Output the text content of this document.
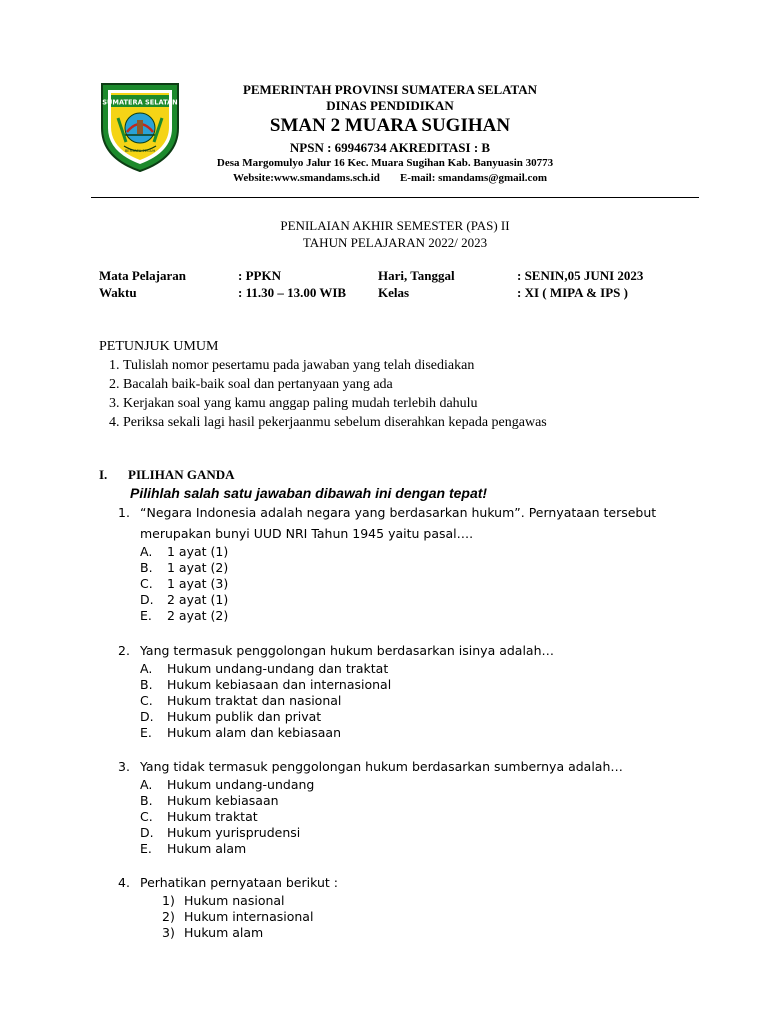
SUMATERA SELATAN
BERSATU TEGUH
PEMERINTAH PROVINSI SUMATERA SELATAN
DINAS PENDIDIKAN
SMAN 2 MUARA SUGIHAN
NPSN : 69946734 AKREDITASI : B
Desa Margomulyo Jalur 16 Kec. Muara Sugihan Kab. Banyuasin 30773
Website:www.smandams.sch.id E-mail: smandams@gmail.com
PENILAIAN AKHIR SEMESTER (PAS) II
TAHUN PELAJARAN 2022/ 2023
Mata Pelajaran
Waktu
: PPKN
: 11.30 – 13.00 WIB
Hari, Tanggal
Kelas
: SENIN,05 JUNI 2023
: XI ( MIPA & IPS )
PETUNJUK UMUM
1. Tulislah nomor pesertamu pada jawaban yang telah disediakan
2. Bacalah baik-baik soal dan pertanyaan yang ada
3. Kerjakan soal yang kamu anggap paling mudah terlebih dahulu
4. Periksa sekali lagi hasil pekerjaanmu sebelum diserahkan kepada pengawas
I. PILIHAN GANDA
Pilihlah salah satu jawaban dibawah ini dengan tepat!
1. “Negara Indonesia adalah negara yang berdasarkan hukum”. Pernyataan tersebut
merupakan bunyi UUD NRI Tahun 1945 yaitu pasal….
A. 1 ayat (1)
B. 1 ayat (2)
C. 1 ayat (3)
D. 2 ayat (1)
E. 2 ayat (2)
2. Yang termasuk penggolongan hukum berdasarkan isinya adalah…
A. Hukum undang-undang dan traktat
B. Hukum kebiasaan dan internasional
C. Hukum traktat dan nasional
D. Hukum publik dan privat
E. Hukum alam dan kebiasaan
3. Yang tidak termasuk penggolongan hukum berdasarkan sumbernya adalah…
A. Hukum undang-undang
B. Hukum kebiasaan
C. Hukum traktat
D. Hukum yurisprudensi
E. Hukum alam
4. Perhatikan pernyataan berikut :
1) Hukum nasional
2) Hukum internasional
3) Hukum alam
